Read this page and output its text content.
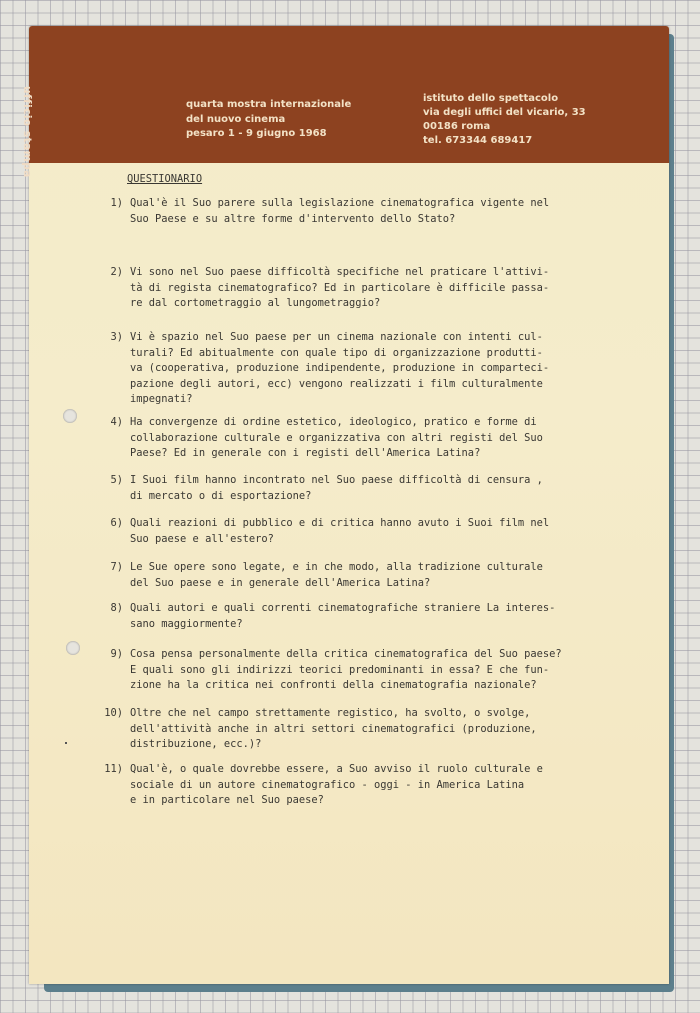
ufficio stampa	quarta mostra internazionale
del nuovo cinema
pesaro 1 - 9 giugno 1968
istituto dello spettacolo
via degli uffici del vicario, 33
00186 roma
tel. 673344 689417
QUESTIONARIO
1) Qual'è il Suo parere sulla legislazione cinematografica vigente nel
Suo Paese e su altre forme d'intervento dello Stato?
2) Vi sono nel Suo paese difficoltà specifiche nel praticare l'attivi-
tà di regista cinematografico? Ed in particolare è difficile passa-
re dal cortometraggio al lungometraggio?
3) Vi è spazio nel Suo paese per un cinema nazionale con intenti cul-
turali? Ed abitualmente con quale tipo di organizzazione produtti-
va (cooperativa, produzione indipendente, produzione in comparteci-
pazione degli autori, ecc) vengono realizzati i film culturalmente
impegnati?
4) Ha convergenze di ordine estetico, ideologico, pratico e forme di
collaborazione culturale e organizzativa con altri registi del Suo
Paese? Ed in generale con i registi dell'America Latina?
5) I Suoi film hanno incontrato nel Suo paese difficoltà di censura ,
di mercato o di esportazione?
6) Quali reazioni di pubblico e di critica hanno avuto i Suoi film nel
Suo paese e all'estero?
7) Le Sue opere sono legate, e in che modo, alla tradizione culturale
del Suo paese e in generale dell'America Latina?
8) Quali autori e quali correnti cinematografiche straniere La interes-
sano maggiormente?
9) Cosa pensa personalmente della critica cinematografica del Suo paese?
E quali sono gli indirizzi teorici predominanti in essa? E che fun-
zione ha la critica nei confronti della cinematografia nazionale?
10) Oltre che nel campo strettamente registico, ha svolto, o svolge,
dell'attività anche in altri settori cinematografici (produzione,
distribuzione, ecc.)?
11) Qual'è, o quale dovrebbe essere, a Suo avviso il ruolo culturale e
sociale di un autore cinematografico - oggi - in America Latina
e in particolare nel Suo paese?
